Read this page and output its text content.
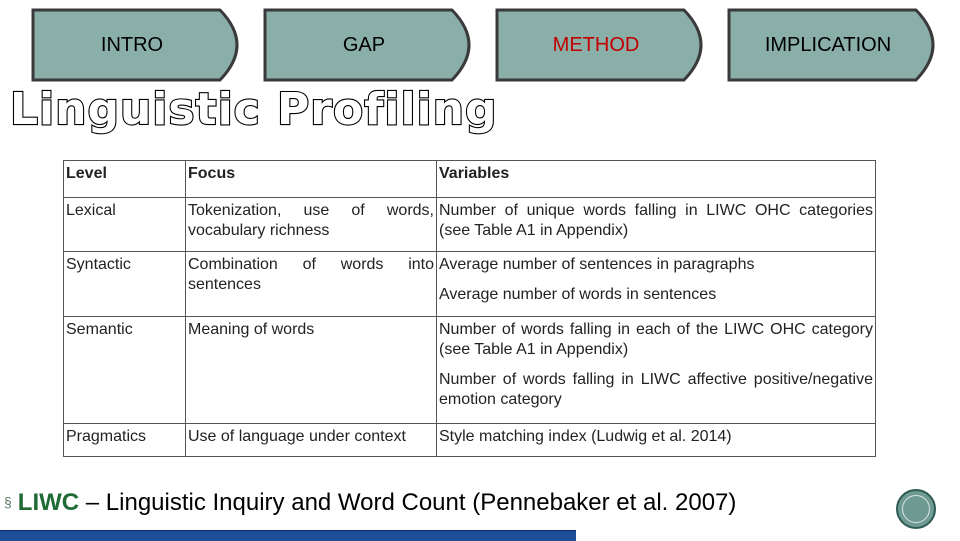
INTRO	GAP	METHOD	IMPLICATION
Linguistic Profiling
Level	Focus	Variables
Lexical	Tokenization, use of words, vocabulary richness	Number of unique words falling in LIWC OHC categories (see Table A1 in Appendix)

Syntactic	Combination of words into sentences	Average number of sentences in paragraphs
Average number of words in sentences

Semantic	Meaning of words	Number of words falling in each of the LIWC OHC category (see Table A1 in Appendix)
Number of words falling in LIWC affective positive/negative emotion category

Pragmatics	Use of language under context	Style matching index (Ludwig et al. 2014)
§ LIWC – Linguistic Inquiry and Word Count (Pennebaker et al. 2007)
